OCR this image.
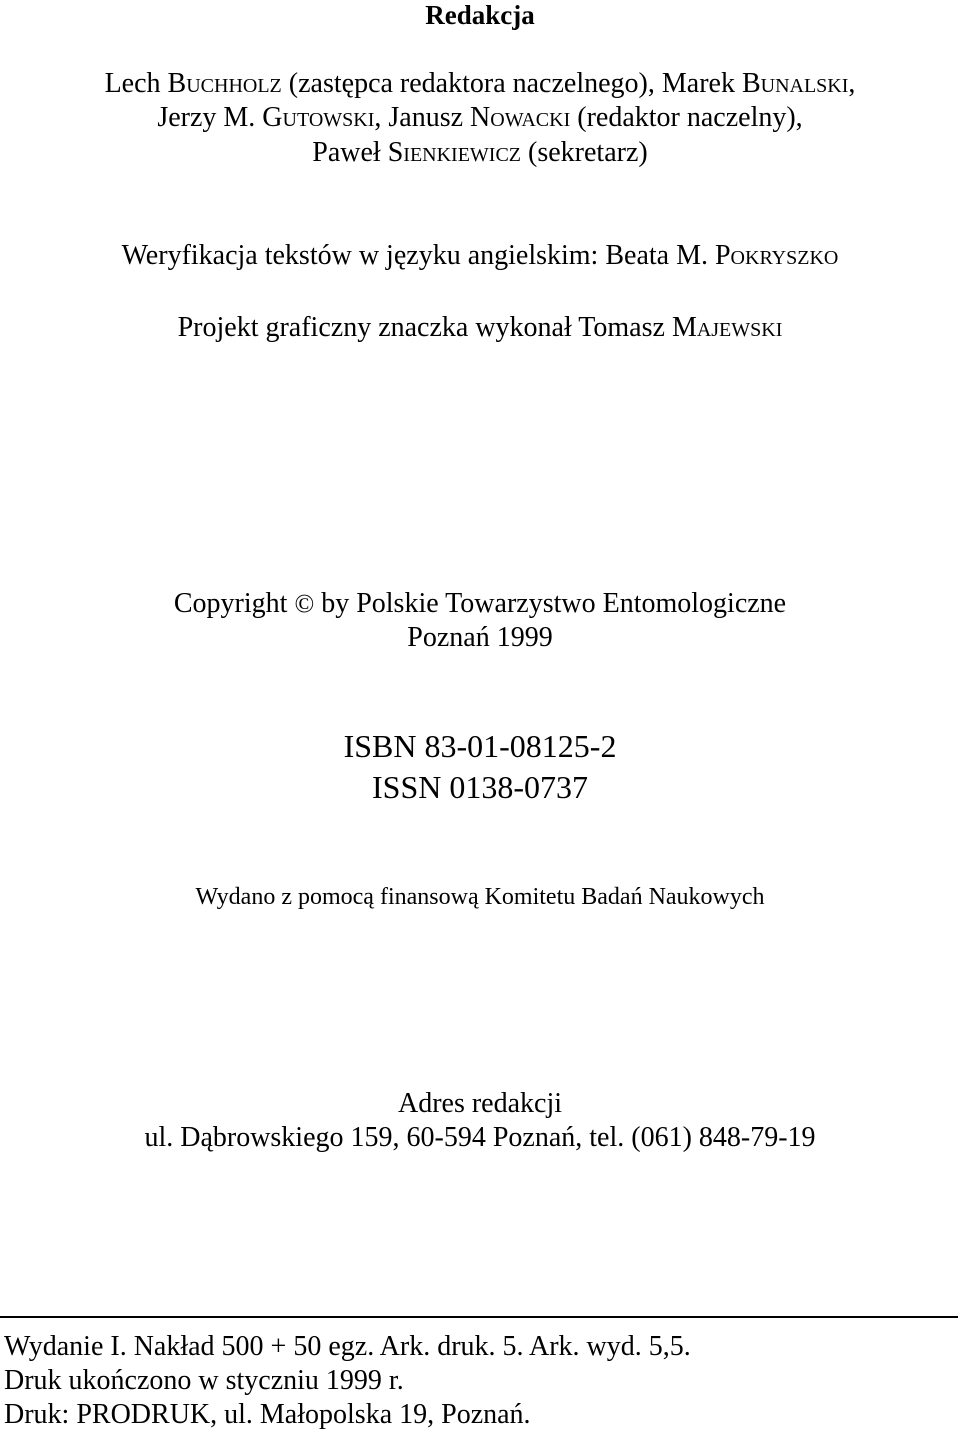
Redakcja
Lech Buchholz (zastępca redaktora naczelnego), Marek Bunalski,
Jerzy M. Gutowski, Janusz Nowacki (redaktor naczelny),
Paweł Sienkiewicz (sekretarz)
Weryfikacja tekstów w języku angielskim: Beata M. Pokryszko
Projekt graficzny znaczka wykonał Tomasz Majewski
Copyright © by Polskie Towarzystwo Entomologiczne
Poznań 1999
ISBN 83-01-08125-2
ISSN 0138-0737
Wydano z pomocą finansową Komitetu Badań Naukowych
Adres redakcji
ul. Dąbrowskiego 159, 60-594 Poznań, tel. (061) 848-79-19
Wydanie I. Nakład 500 + 50 egz. Ark. druk. 5. Ark. wyd. 5,5.
Druk ukończono w styczniu 1999 r.
Druk: PRODRUK, ul. Małopolska 19, Poznań.
